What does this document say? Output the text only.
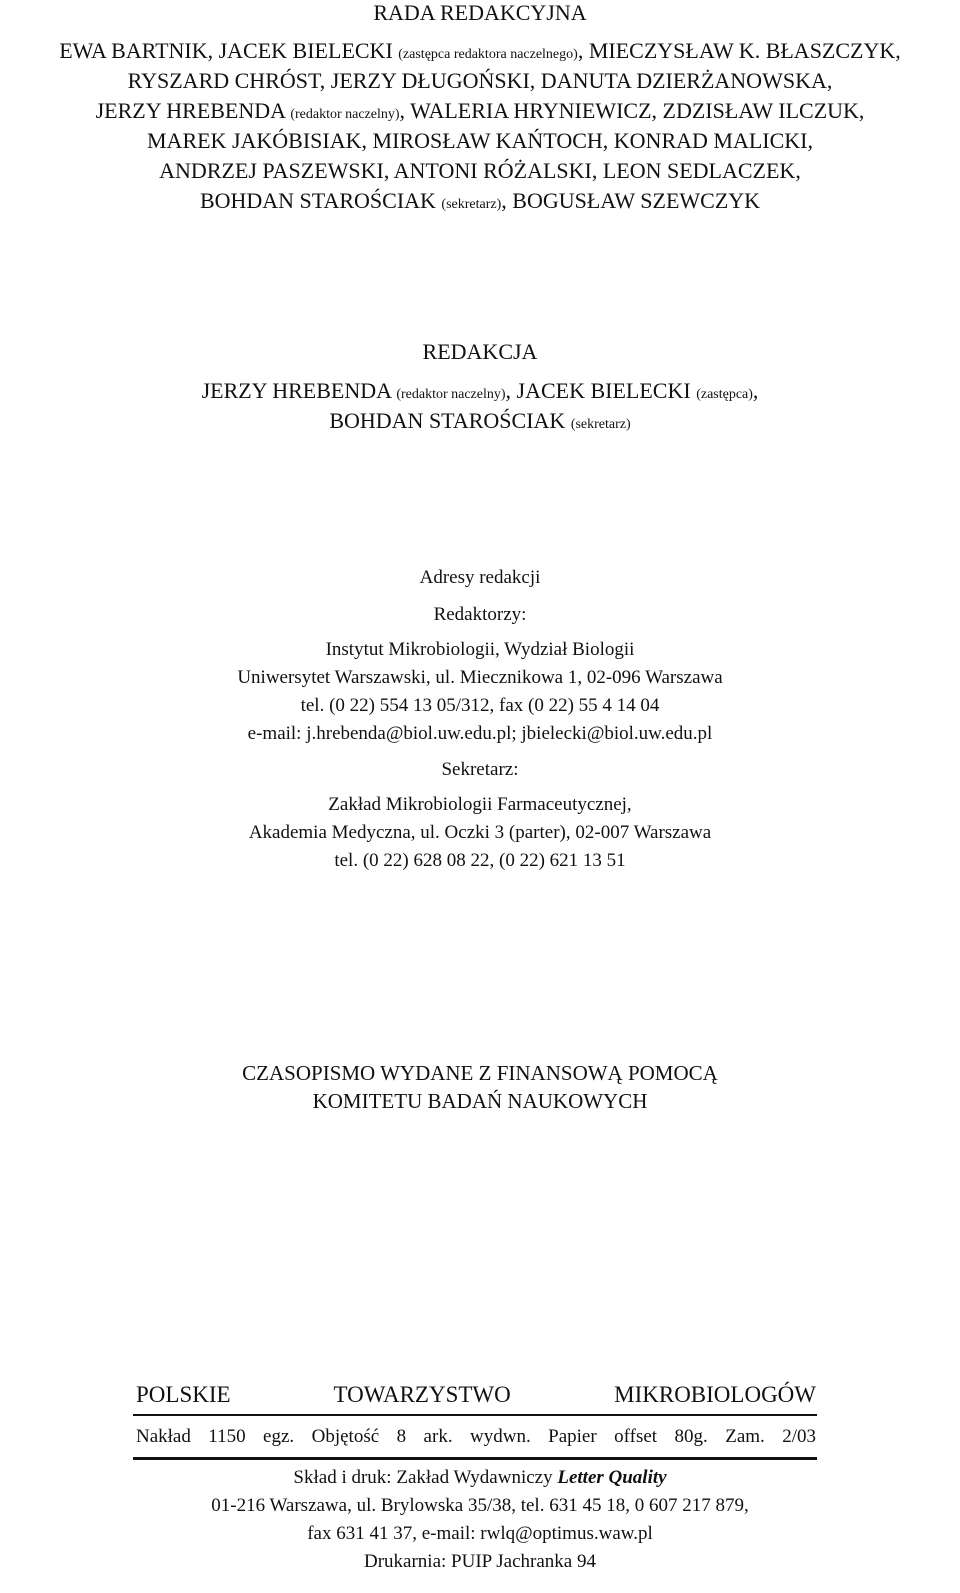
RADA REDAKCYJNA
EWA BARTNIK, JACEK BIELECKI (zastępca redaktora naczelnego), MIECZYSŁAW K. BŁASZCZYK,
RYSZARD CHRÓST, JERZY DŁUGOŃSKI, DANUTA DZIERŻANOWSKA,
JERZY HREBENDA (redaktor naczelny), WALERIA HRYNIEWICZ, ZDZISŁAW ILCZUK,
MAREK JAKÓBISIAK, MIROSŁAW KAŃTOCH, KONRAD MALICKI,
ANDRZEJ PASZEWSKI, ANTONI RÓŻALSKI, LEON SEDLACZEK,
BOHDAN STAROŚCIAK (sekretarz), BOGUSŁAW SZEWCZYK
REDAKCJA
JERZY HREBENDA (redaktor naczelny), JACEK BIELECKI (zastępca),
BOHDAN STAROŚCIAK (sekretarz)
Adresy redakcji
Redaktorzy:
Instytut Mikrobiologii, Wydział Biologii
Uniwersytet Warszawski, ul. Miecznikowa 1, 02-096 Warszawa
tel. (0 22) 554 13 05/312, fax (0 22) 55 4 14 04
e-mail: j.hrebenda@biol.uw.edu.pl; jbielecki@biol.uw.edu.pl
Sekretarz:
Zakład Mikrobiologii Farmaceutycznej,
Akademia Medyczna, ul. Oczki 3 (parter), 02-007 Warszawa
tel. (0 22) 628 08 22, (0 22) 621 13 51
CZASOPISMO WYDANE Z FINANSOWĄ POMOCĄ
KOMITETU BADAŃ NAUKOWYCH
POLSKIE TOWARZYSTWO MIKROBIOLOGÓW
Nakład 1150 egz. Objętość 8 ark. wydwn. Papier offset 80g. Zam. 2/03
Skład i druk: Zakład Wydawniczy Letter Quality
01-216 Warszawa, ul. Brylowska 35/38, tel. 631 45 18, 0 607 217 879,
fax 631 41 37, e-mail: rwlq@optimus.waw.pl
Drukarnia: PUIP Jachranka 94
